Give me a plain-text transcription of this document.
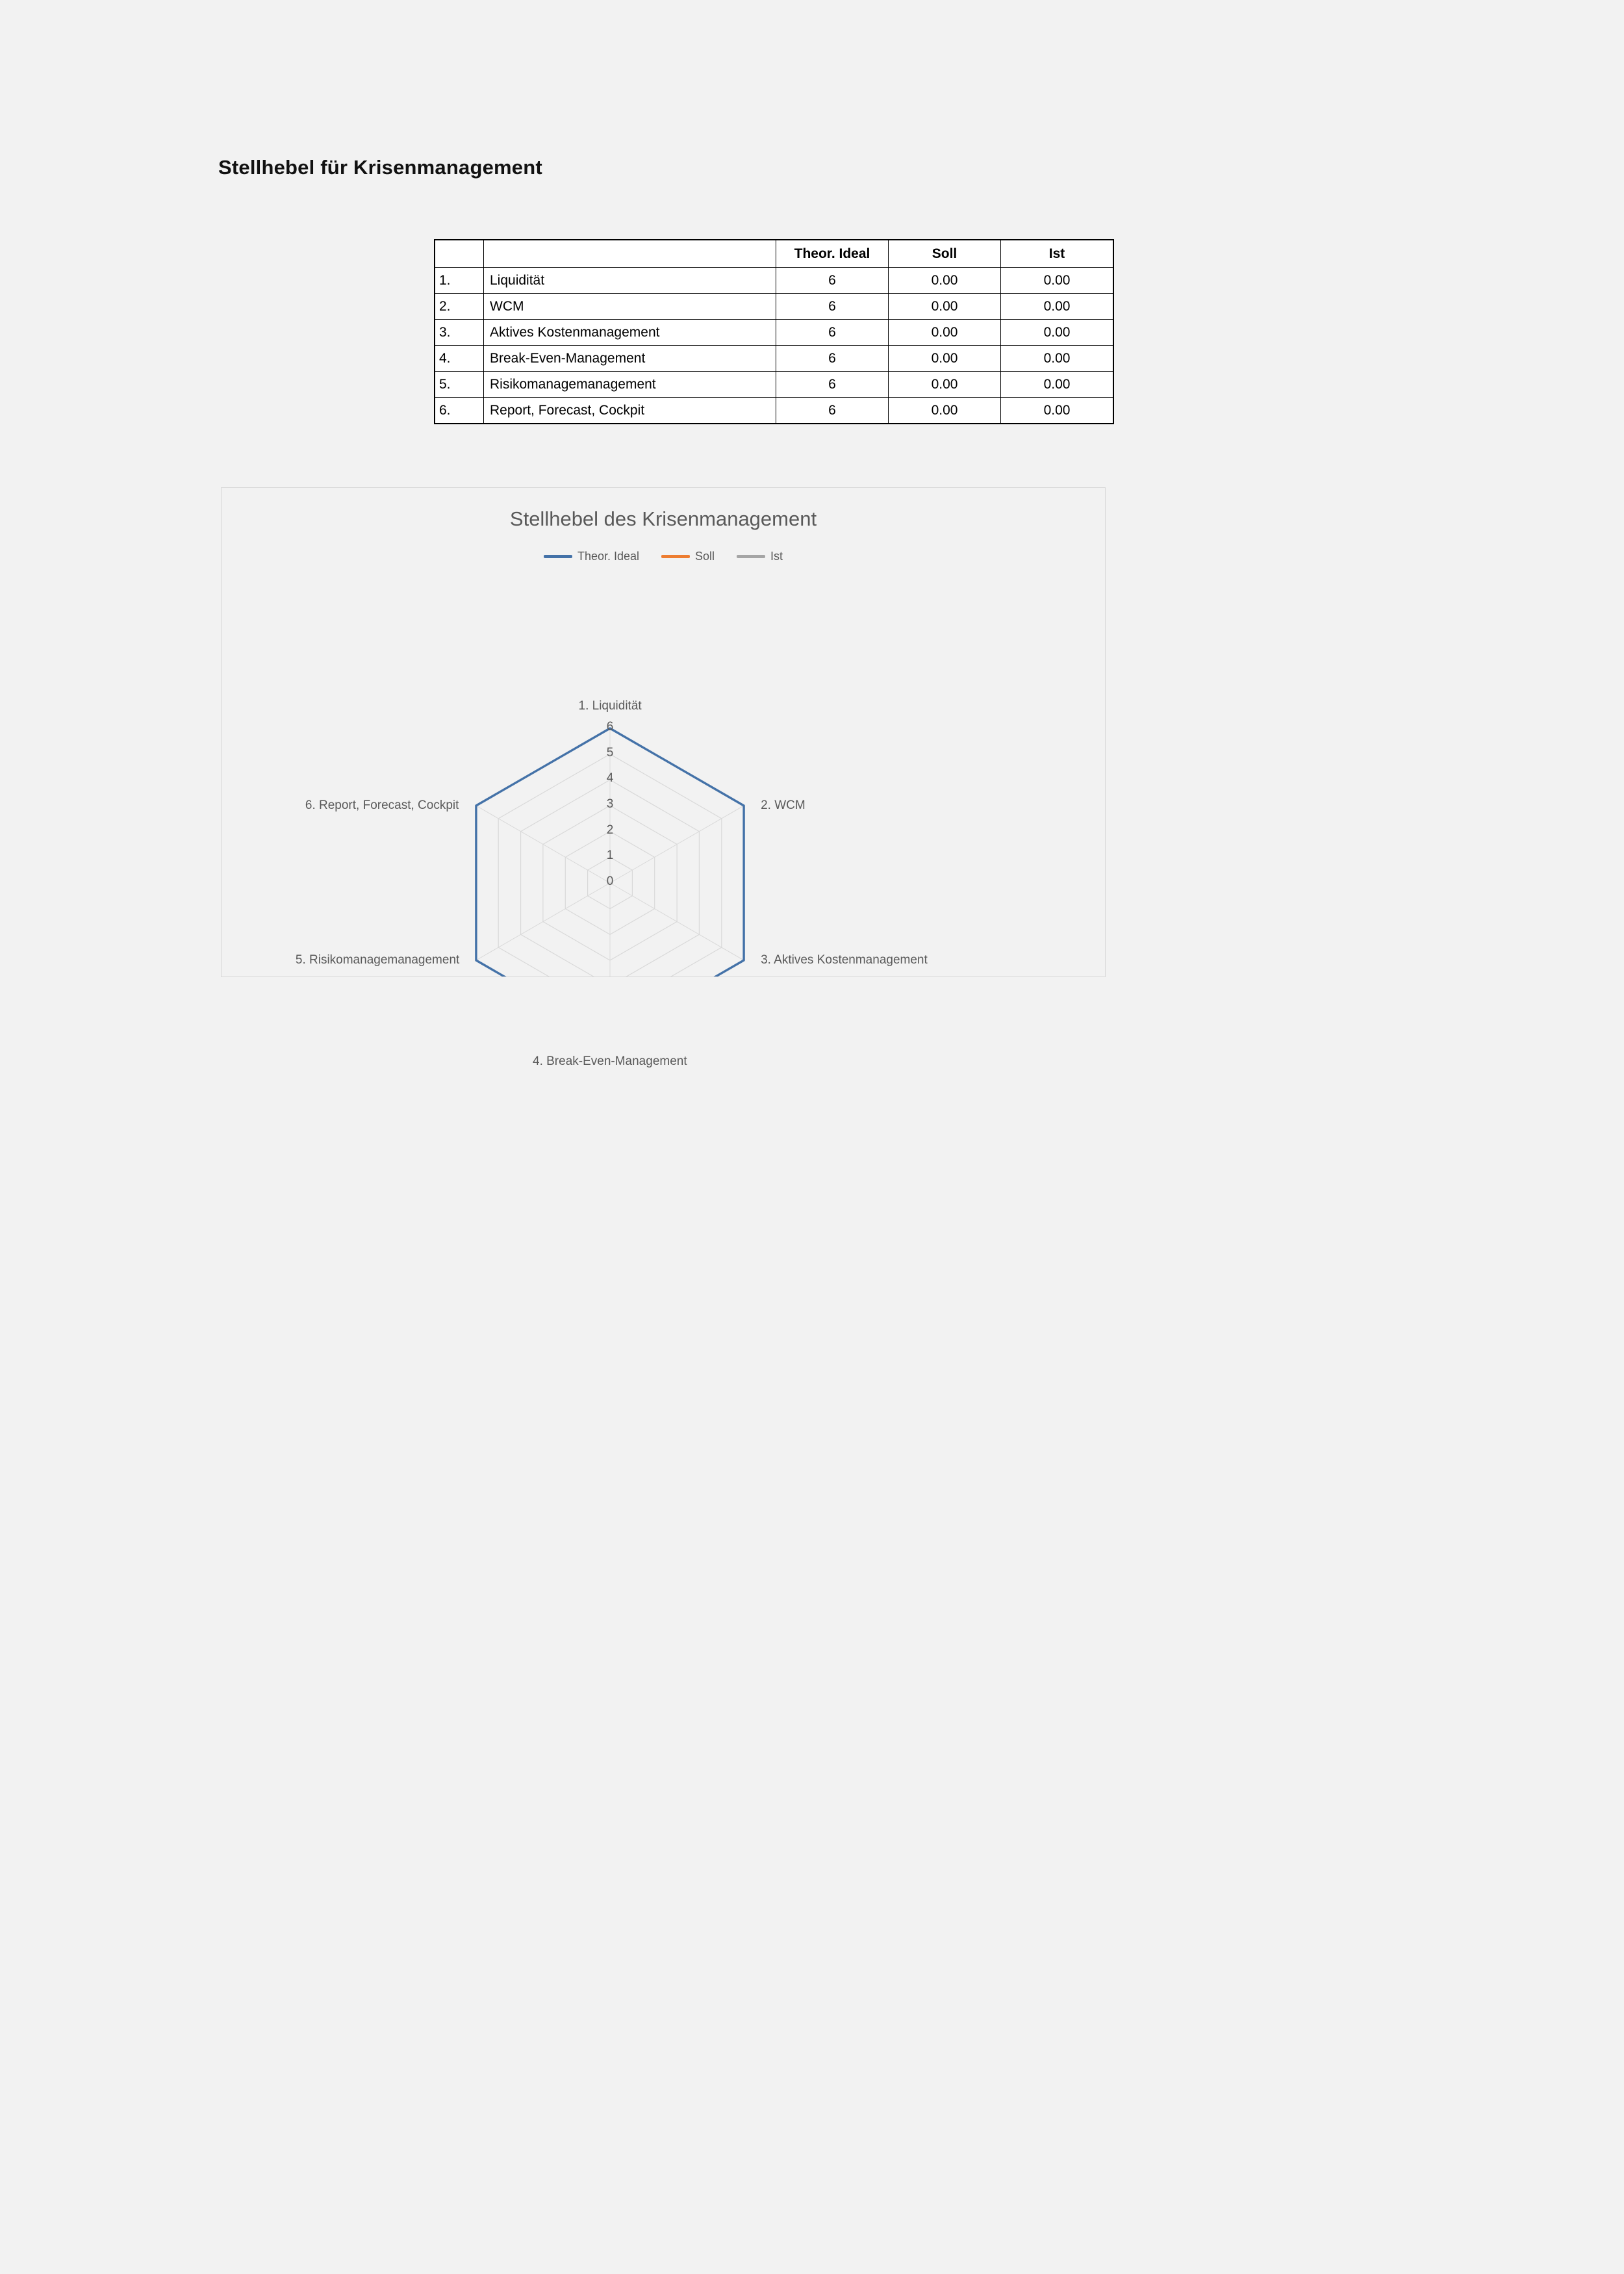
Stellhebel für Krisenmanagement
		Theor. Ideal	Soll	Ist
1.	Liquidität	6	0.00	0.00
2.	WCM	6	0.00	0.00
3.	Aktives Kostenmanagement	6	0.00	0.00
4.	Break-Even-Management	6	0.00	0.00
5.	Risikomanagemanagement	6	0.00	0.00
6.	Report, Forecast, Cockpit	6	0.00	0.00
Stellhebel des Krisenmanagement
Theor. Ideal	Soll	Ist
0
1
2
3
4
5
6
1. Liquidität
2. WCM
3. Aktives Kostenmanagement
4. Break-Even-Management
5. Risikomanagemanagement
6. Report, Forecast, Cockpit
